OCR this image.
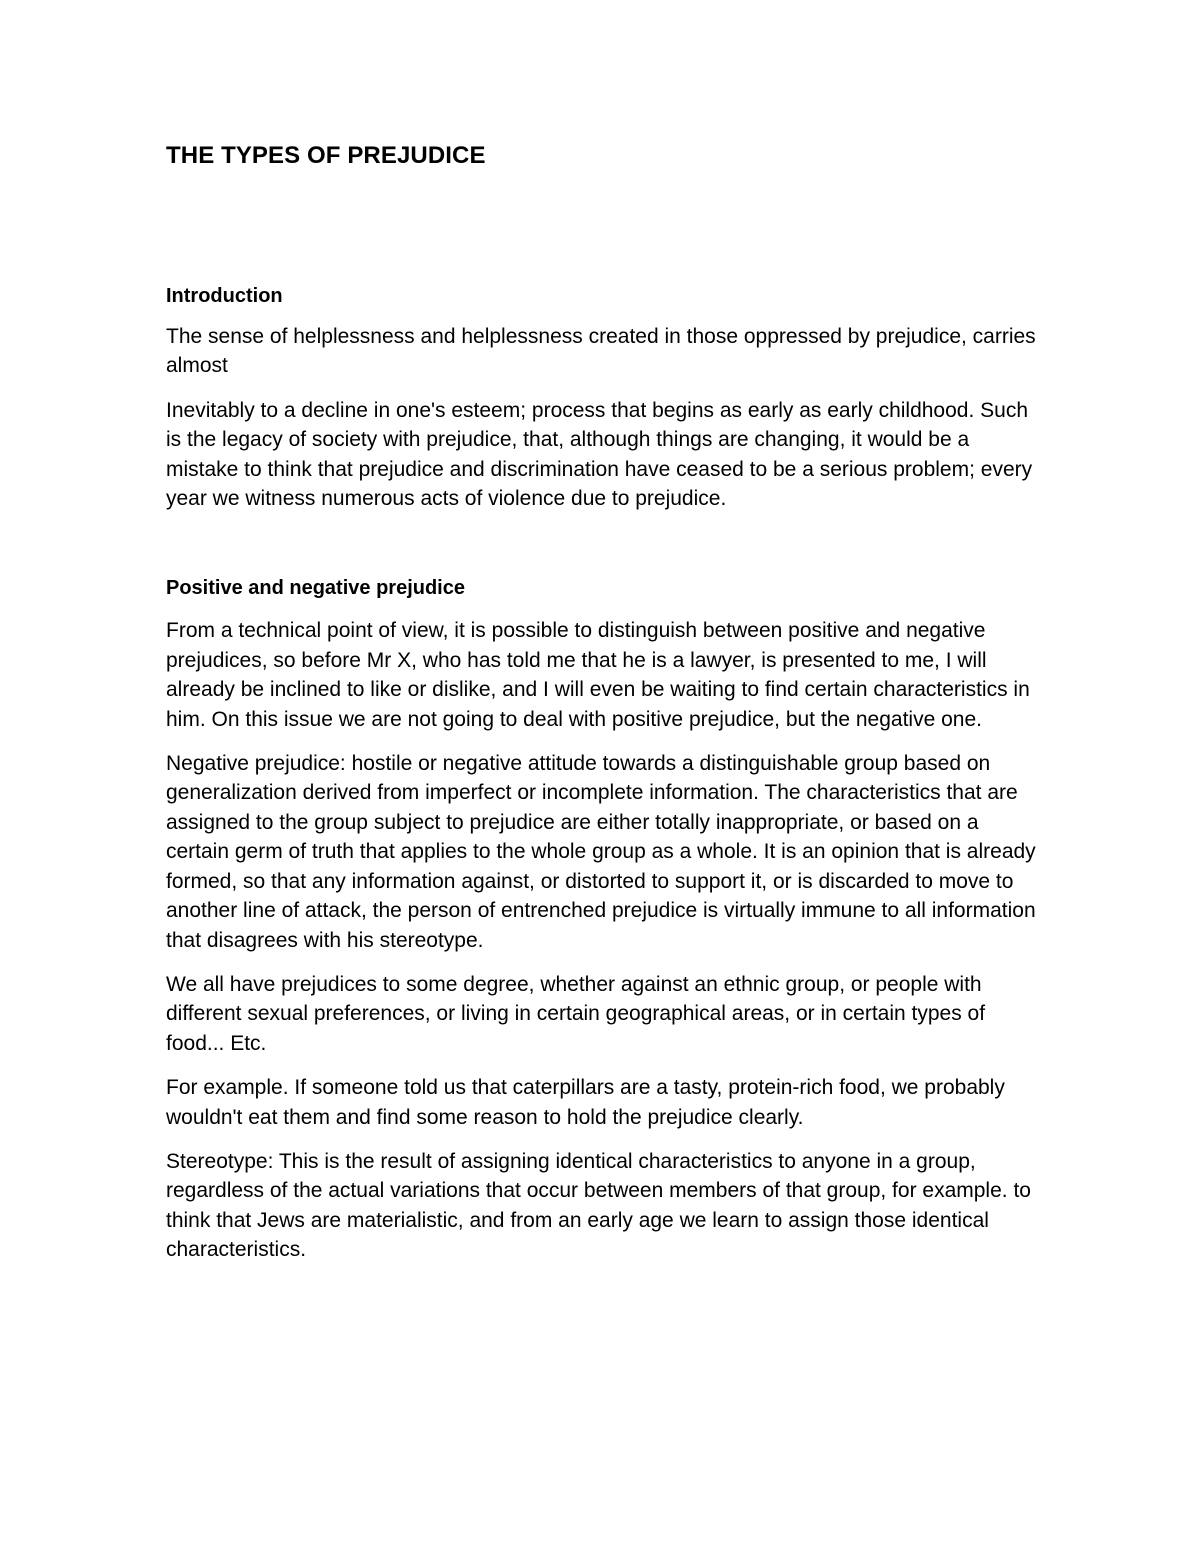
THE TYPES OF PREJUDICE
Introduction

The sense of helplessness and helplessness created in those oppressed by prejudice, carries almost

Inevitably to a decline in one's esteem; process that begins as early as early childhood. Such is the legacy of society with prejudice, that, although things are changing, it would be a mistake to think that prejudice and discrimination have ceased to be a serious problem; every year we witness numerous acts of violence due to prejudice.

Positive and negative prejudice

From a technical point of view, it is possible to distinguish between positive and negative prejudices, so before Mr X, who has told me that he is a lawyer, is presented to me, I will already be inclined to like or dislike, and I will even be waiting to find certain characteristics in him. On this issue we are not going to deal with positive prejudice, but the negative one.

Negative prejudice: hostile or negative attitude towards a distinguishable group based on generalization derived from imperfect or incomplete information. The characteristics that are assigned to the group subject to prejudice are either totally inappropriate, or based on a certain germ of truth that applies to the whole group as a whole. It is an opinion that is already formed, so that any information against, or distorted to support it, or is discarded to move to another line of attack, the person of entrenched prejudice is virtually immune to all information that disagrees with his stereotype.

We all have prejudices to some degree, whether against an ethnic group, or people with different sexual preferences, or living in certain geographical areas, or in certain types of food... Etc.

For example. If someone told us that caterpillars are a tasty, protein-rich food, we probably wouldn't eat them and find some reason to hold the prejudice clearly.

Stereotype: This is the result of assigning identical characteristics to anyone in a group, regardless of the actual variations that occur between members of that group, for example. to think that Jews are materialistic, and from an early age we learn to assign those identical characteristics.
